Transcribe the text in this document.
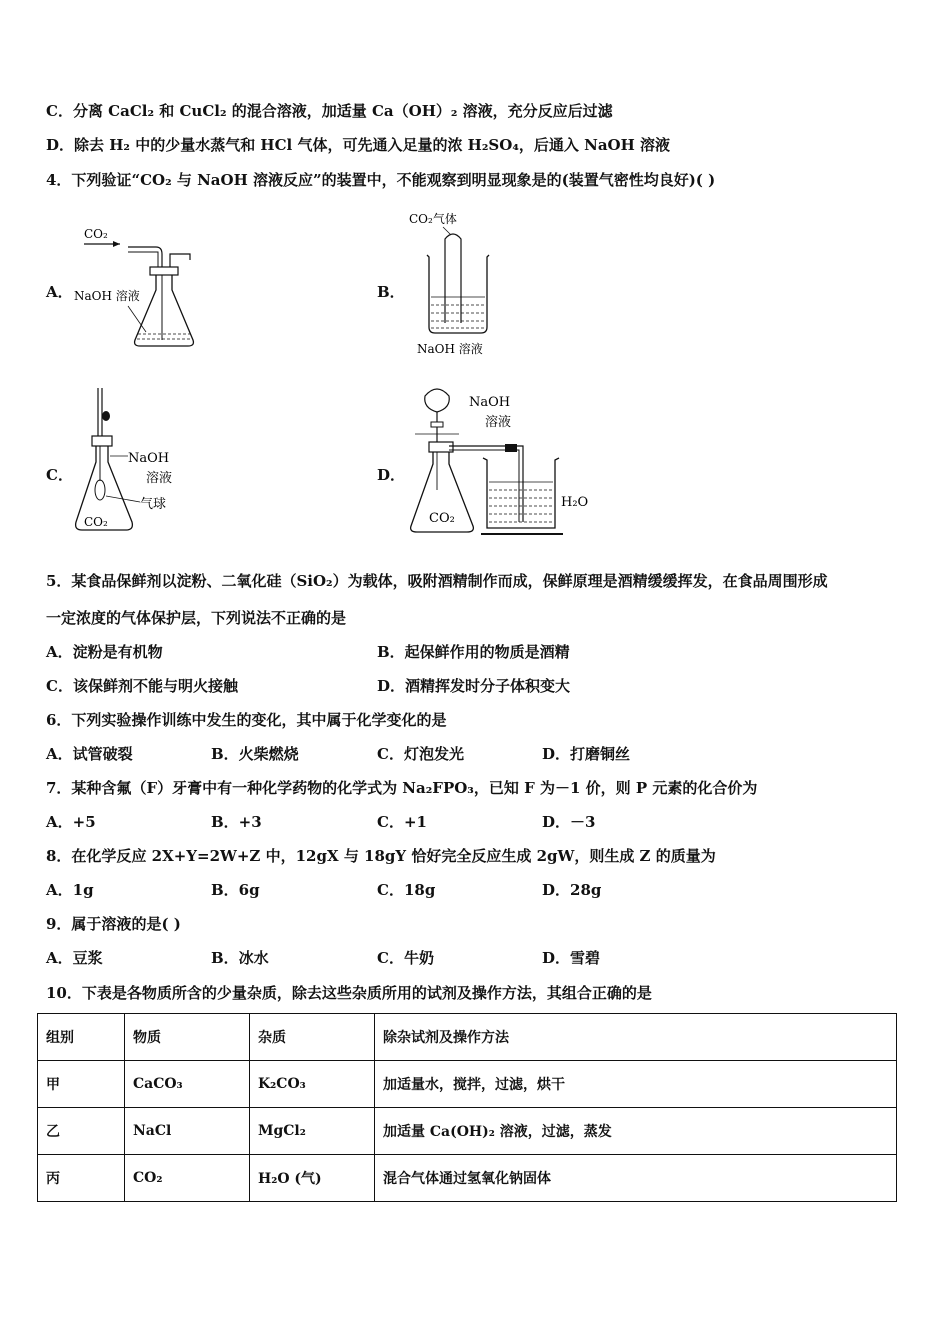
C．分离 CaCl₂ 和 CuCl₂ 的混合溶液，加适量 Ca（OH）₂ 溶液，充分反应后过滤
D．除去 H₂ 中的少量水蒸气和 HCl 气体，可先通入足量的浓 H₂SO₄，后通入 NaOH 溶液
4．下列验证“CO₂ 与 NaOH 溶液反应”的装置中，不能观察到明显现象是的(装置气密性均良好)( )
A．	B．
C．	D．
CO₂
NaOH 溶液
CO₂气体
NaOH 溶液
NaOH
溶液
气球
CO₂
NaOH
溶液
CO₂
H₂O
5．某食品保鲜剂以淀粉、二氧化硅（SiO₂）为载体，吸附酒精制作而成，保鲜原理是酒精缓缓挥发，在食品周围形成
一定浓度的气体保护层，下列说法不正确的是
A．淀粉是有机物	B．起保鲜作用的物质是酒精
C．该保鲜剂不能与明火接触	D．酒精挥发时分子体积变大
6．下列实验操作训练中发生的变化，其中属于化学变化的是
A．试管破裂	B．火柴燃烧	C．灯泡发光	D．打磨铜丝
7．某种含氟（F）牙膏中有一种化学药物的化学式为 Na₂FPO₃，已知 F 为－1 价，则 P 元素的化合价为
A．+5	B．+3	C．+1	D．－3
8．在化学反应 2X+Y=2W+Z 中，12gX 与 18gY 恰好完全反应生成 2gW，则生成 Z 的质量为
A．1g	B．6g	C．18g	D．28g
9．属于溶液的是( )
A．豆浆	B．冰水	C．牛奶	D．雪碧
10．下表是各物质所含的少量杂质，除去这些杂质所用的试剂及操作方法，其组合正确的是
组别	物质	杂质	除杂试剂及操作方法
甲	CaCO₃	K₂CO₃	加适量水，搅拌，过滤，烘干
乙	NaCl	MgCl₂	加适量 Ca(OH)₂ 溶液，过滤，蒸发
丙	CO₂	H₂O (气)	混合气体通过氢氧化钠固体
